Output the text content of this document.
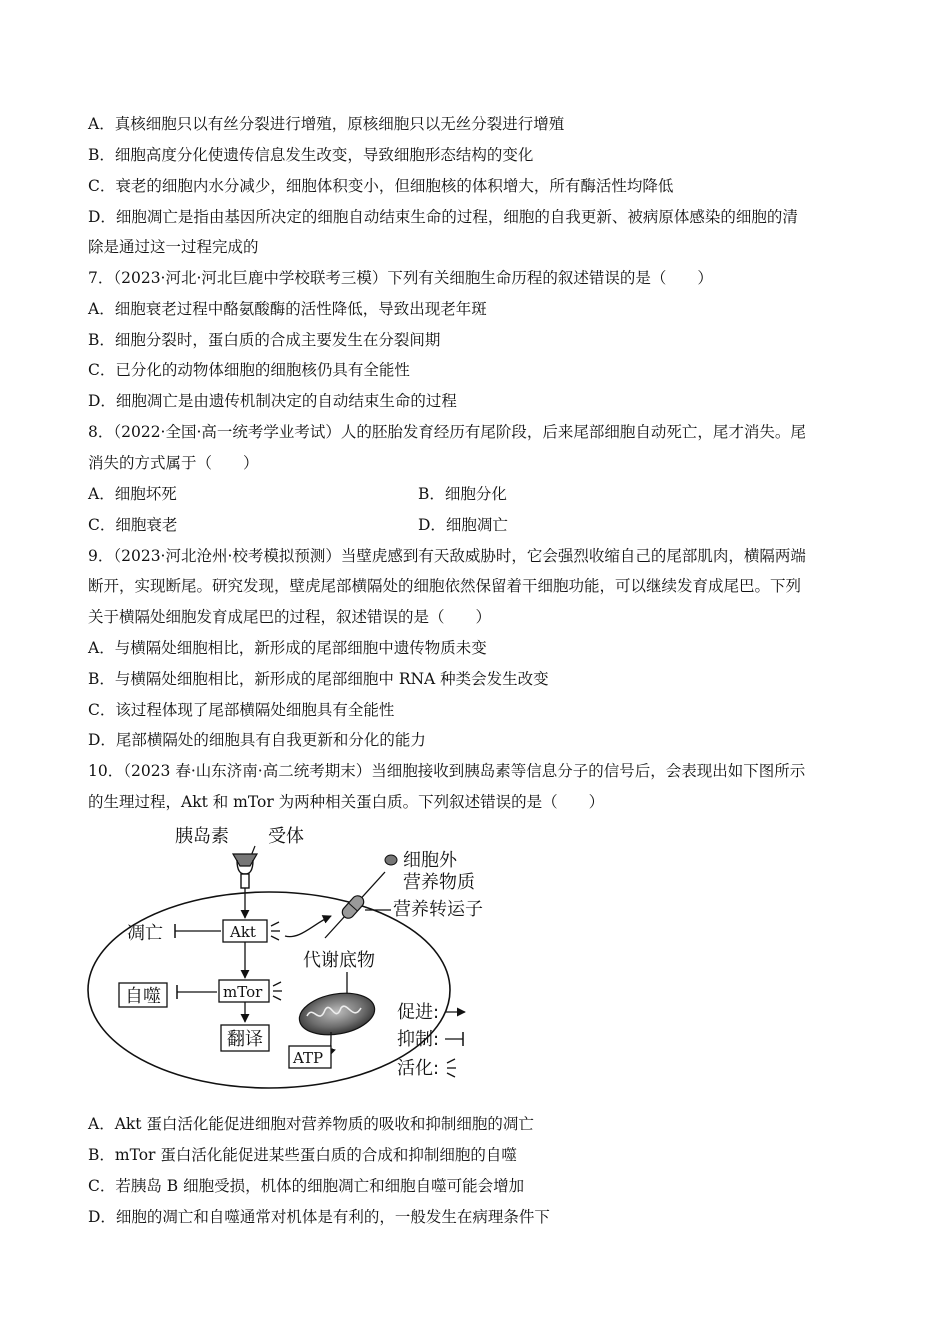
A．真核细胞只以有丝分裂进行增殖，原核细胞只以无丝分裂进行增殖
B．细胞高度分化使遗传信息发生改变，导致细胞形态结构的变化
C．衰老的细胞内水分减少，细胞体积变小，但细胞核的体积增大，所有酶活性均降低
D．细胞凋亡是指由基因所决定的细胞自动结束生命的过程，细胞的自我更新、被病原体感染的细胞的清
除是通过这一过程完成的
7．（2023·河北·河北巨鹿中学校联考三模）下列有关细胞生命历程的叙述错误的是（　　）
A．细胞衰老过程中酪氨酸酶的活性降低，导致出现老年斑
B．细胞分裂时，蛋白质的合成主要发生在分裂间期
C．已分化的动物体细胞的细胞核仍具有全能性
D．细胞凋亡是由遗传机制决定的自动结束生命的过程
8．（2022·全国·高一统考学业考试）人的胚胎发育经历有尾阶段，后来尾部细胞自动死亡，尾才消失。尾
消失的方式属于（　　）
A．细胞坏死	B．细胞分化
C．细胞衰老	D．细胞凋亡
9．（2023·河北沧州·校考模拟预测）当壁虎感到有天敌威胁时，它会强烈收缩自己的尾部肌肉，横隔两端
断开，实现断尾。研究发现，壁虎尾部横隔处的细胞依然保留着干细胞功能，可以继续发育成尾巴。下列
关于横隔处细胞发育成尾巴的过程，叙述错误的是（　　）
A．与横隔处细胞相比，新形成的尾部细胞中遗传物质未变
B．与横隔处细胞相比，新形成的尾部细胞中 RNA 种类会发生改变
C．该过程体现了尾部横隔处细胞具有全能性
D．尾部横隔处的细胞具有自我更新和分化的能力
10．（2023 春·山东济南·高二统考期末）当细胞接收到胰岛素等信息分子的信号后，会表现出如下图所示
的生理过程，Akt 和 mTor 为两种相关蛋白质。下列叙述错误的是（　　）
胰岛素 受体
Akt
凋亡
细胞外
营养物质
营养转运子
代谢底物
mTor
自噬
翻译
ATP
促进:
抑制:
活化:
A．Akt 蛋白活化能促进细胞对营养物质的吸收和抑制细胞的凋亡
B．mTor 蛋白活化能促进某些蛋白质的合成和抑制细胞的自噬
C．若胰岛 B 细胞受损，机体的细胞凋亡和细胞自噬可能会增加
D．细胞的凋亡和自噬通常对机体是有利的，一般发生在病理条件下
